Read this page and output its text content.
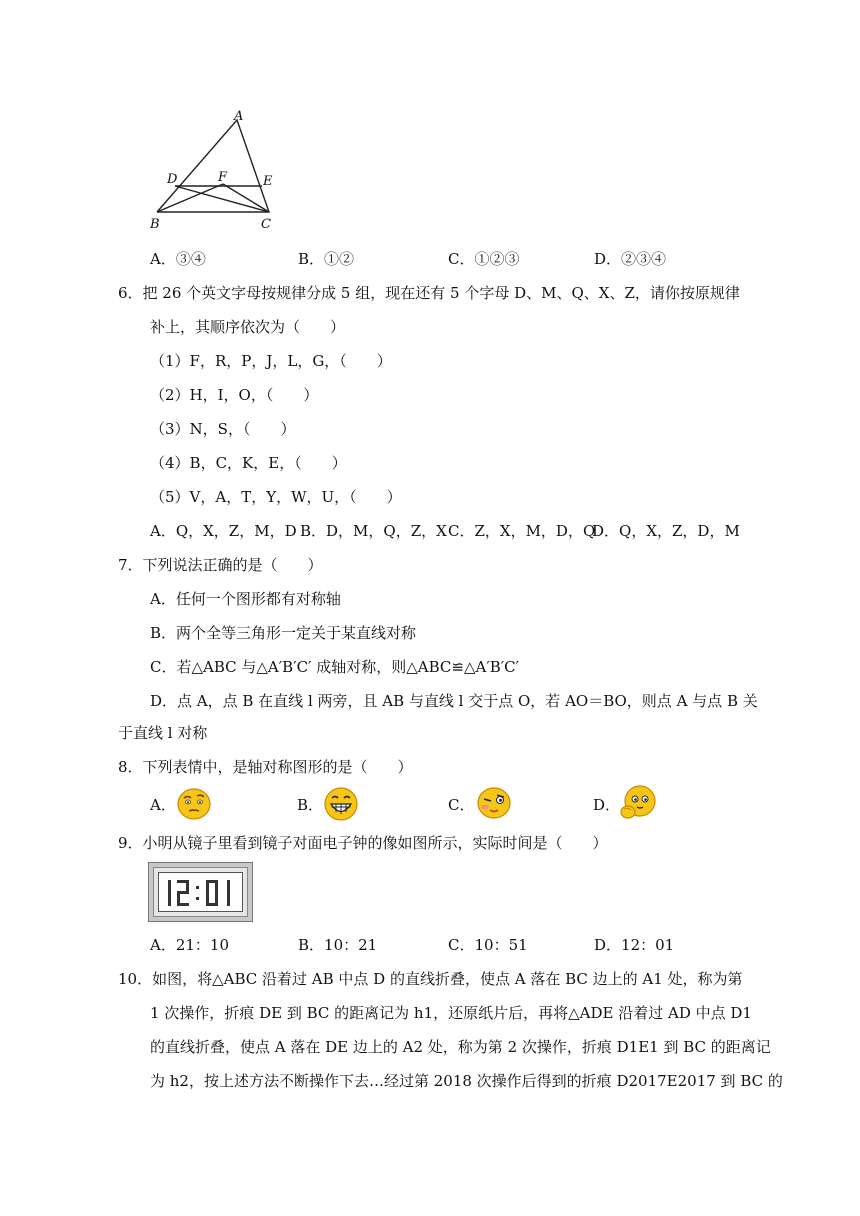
A
D	F	E
B	C
A．③④	B．①②	C．①②③	D．②③④
6．把 26 个英文字母按规律分成 5 组，现在还有 5 个字母 D、M、Q、X、Z，请你按原规律
补上，其顺序依次为（　　）
（1）F，R，P，J，L，G，（　　）
（2）H，I，O，（　　）
（3）N，S，（　　）
（4）B，C，K，E，（　　）
（5）V，A，T，Y，W，U，（　　）
A．Q，X，Z，M，D B．D，M，Q，Z，X C．Z，X，M，D，Q
D．Q，X，Z，D，M
7．下列说法正确的是（　　）
A．任何一个图形都有对称轴
B．两个全等三角形一定关于某直线对称
C．若△ABC 与△A′B′C′ 成轴对称，则△ABC≌△A′B′C′
D．点 A，点 B 在直线 l 两旁，且 AB 与直线 l 交于点 O，若 AO＝BO，则点 A 与点 B 关
于直线 l 对称
8．下列表情中，是轴对称图形的是（　　）
A．	B．	C．	D．
9．小明从镜子里看到镜子对面电子钟的像如图所示，实际时间是（　　）
A．21：10	B．10：21	C．10：51	D．12：01
10．如图，将△ABC 沿着过 AB 中点 D 的直线折叠，使点 A 落在 BC 边上的 A1 处，称为第
1 次操作，折痕 DE 到 BC 的距离记为 h1，还原纸片后，再将△ADE 沿着过 AD 中点 D1
的直线折叠，使点 A 落在 DE 边上的 A2 处，称为第 2 次操作，折痕 D1E1 到 BC 的距离记
为 h2，按上述方法不断操作下去…经过第 2018 次操作后得到的折痕 D2017E2017 到 BC 的
